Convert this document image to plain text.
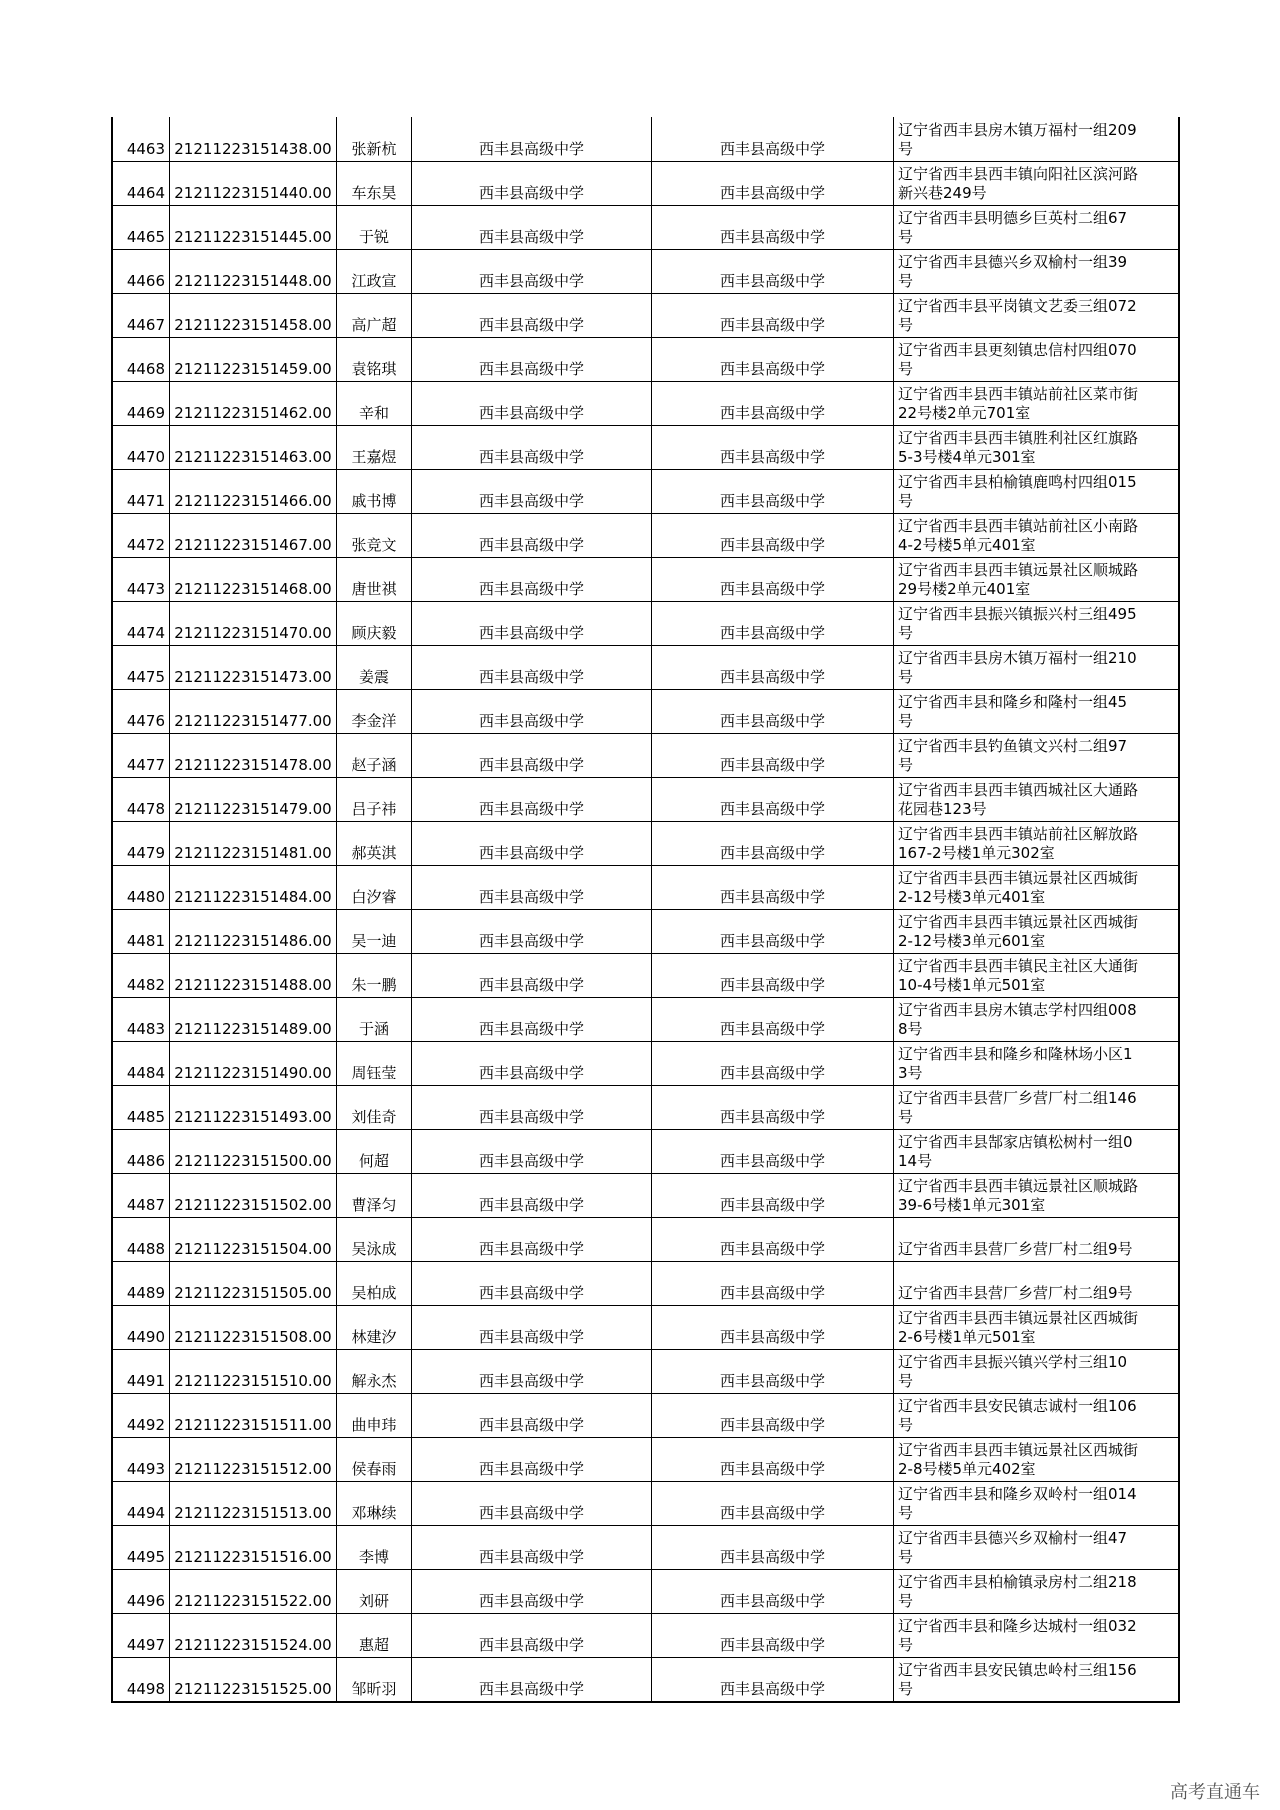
4463 21211223151438.00 张新杭	西丰县高级中学	西丰县高级中学
辽宁省西丰县房木镇万福村一组209号
4464 21211223151440.00 车东昊	西丰县高级中学	西丰县高级中学
辽宁省西丰县西丰镇向阳社区滨河路新兴巷249号
4465 21211223151445.00 于锐	西丰县高级中学	西丰县高级中学
辽宁省西丰县明德乡巨英村二组67号
4466 21211223151448.00 江政宣	西丰县高级中学	西丰县高级中学
辽宁省西丰县德兴乡双榆村一组39号
4467 21211223151458.00 高广超	西丰县高级中学	西丰县高级中学
辽宁省西丰县平岗镇文艺委三组072号
4468 21211223151459.00 袁铭琪	西丰县高级中学	西丰县高级中学
辽宁省西丰县更刻镇忠信村四组070号
4469 21211223151462.00 辛和	西丰县高级中学	西丰县高级中学
辽宁省西丰县西丰镇站前社区菜市街22号楼2单元701室
4470 21211223151463.00 王嘉煜	西丰县高级中学	西丰县高级中学
辽宁省西丰县西丰镇胜利社区红旗路5-3号楼4单元301室
4471 21211223151466.00 戚书博	西丰县高级中学	西丰县高级中学
辽宁省西丰县柏榆镇鹿鸣村四组015号
4472 21211223151467.00 张竞文	西丰县高级中学	西丰县高级中学
辽宁省西丰县西丰镇站前社区小南路4-2号楼5单元401室
4473 21211223151468.00 唐世祺	西丰县高级中学	西丰县高级中学
辽宁省西丰县西丰镇远景社区顺城路29号楼2单元401室
4474 21211223151470.00 顾庆毅	西丰县高级中学	西丰县高级中学
辽宁省西丰县振兴镇振兴村三组495号
4475 21211223151473.00 姜震	西丰县高级中学	西丰县高级中学
辽宁省西丰县房木镇万福村一组210号
4476 21211223151477.00 李金洋	西丰县高级中学	西丰县高级中学
辽宁省西丰县和隆乡和隆村一组45号
4477 21211223151478.00 赵子涵	西丰县高级中学	西丰县高级中学
辽宁省西丰县钓鱼镇文兴村二组97号
4478 21211223151479.00 吕子祎	西丰县高级中学	西丰县高级中学
辽宁省西丰县西丰镇西城社区大通路花园巷123号
4479 21211223151481.00 郝英淇	西丰县高级中学	西丰县高级中学
辽宁省西丰县西丰镇站前社区解放路167-2号楼1单元302室
4480 21211223151484.00 白汐睿	西丰县高级中学	西丰县高级中学
辽宁省西丰县西丰镇远景社区西城街2-12号楼3单元401室
4481 21211223151486.00 吴一迪	西丰县高级中学	西丰县高级中学
辽宁省西丰县西丰镇远景社区西城街2-12号楼3单元601室
4482 21211223151488.00 朱一鹏	西丰县高级中学	西丰县高级中学
辽宁省西丰县西丰镇民主社区大通街10-4号楼1单元501室
4483 21211223151489.00 于涵	西丰县高级中学	西丰县高级中学
辽宁省西丰县房木镇志学村四组0088号
4484 21211223151490.00 周钰莹	西丰县高级中学	西丰县高级中学
辽宁省西丰县和隆乡和隆林场小区13号
4485 21211223151493.00 刘佳奇	西丰县高级中学	西丰县高级中学
辽宁省西丰县营厂乡营厂村二组146号
4486 21211223151500.00 何超	西丰县高级中学	西丰县高级中学
辽宁省西丰县郜家店镇松树村一组014号
4487 21211223151502.00 曹泽匀	西丰县高级中学	西丰县高级中学
辽宁省西丰县西丰镇远景社区顺城路39-6号楼1单元301室
4488 21211223151504.00 吴泳成	西丰县高级中学	西丰县高级中学	辽宁省西丰县营厂乡营厂村二组9号
4489 21211223151505.00 吴柏成	西丰县高级中学	西丰县高级中学	辽宁省西丰县营厂乡营厂村二组9号
4490 21211223151508.00 林建汐	西丰县高级中学	西丰县高级中学
辽宁省西丰县西丰镇远景社区西城街2-6号楼1单元501室
4491 21211223151510.00 解永杰	西丰县高级中学	西丰县高级中学
辽宁省西丰县振兴镇兴学村三组10号
4492 21211223151511.00 曲申玮	西丰县高级中学	西丰县高级中学
辽宁省西丰县安民镇志诚村一组106号
4493 21211223151512.00 侯春雨	西丰县高级中学	西丰县高级中学
辽宁省西丰县西丰镇远景社区西城街2-8号楼5单元402室
4494 21211223151513.00 邓琳续	西丰县高级中学	西丰县高级中学
辽宁省西丰县和隆乡双岭村一组014号
4495 21211223151516.00 李博	西丰县高级中学	西丰县高级中学
辽宁省西丰县德兴乡双榆村一组47号
4496 21211223151522.00 刘研	西丰县高级中学	西丰县高级中学
辽宁省西丰县柏榆镇录房村二组218号
4497 21211223151524.00 惠超	西丰县高级中学	西丰县高级中学
辽宁省西丰县和隆乡达城村一组032号
4498 21211223151525.00 邹昕羽	西丰县高级中学	西丰县高级中学
辽宁省西丰县安民镇忠岭村三组156号
高考直通车
